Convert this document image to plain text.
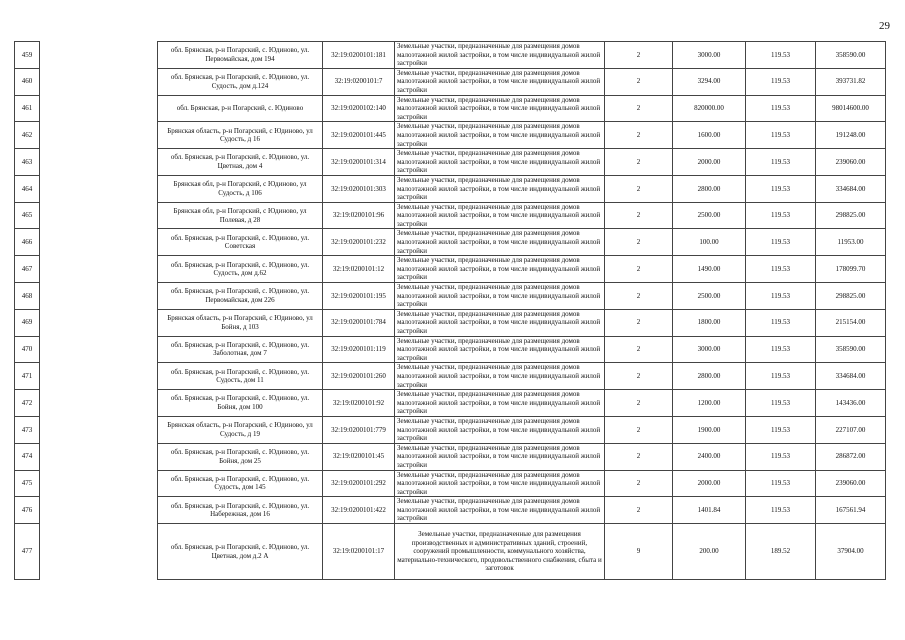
29
459		обл. Брянская, р-н Погарский, с. Юдиново, ул. Первомайская, дом 194	32:19:0200101:181	Земельные участки, предназначенные для размещения домов малоэтажной жилой застройки, в том числе индивидуальной жилой застройки	2	3000.00	119.53	358590.00
460		обл. Брянская, р-н Погарский, с. Юдиново, ул. Судость, дом д.124	32:19:0200101:7	Земельные участки, предназначенные для размещения домов малоэтажной жилой застройки, в том числе индивидуальной жилой застройки	2	3294.00	119.53	393731.82
461		обл. Брянская, р-н Погарский, с. Юдиново	32:19:0200102:140	Земельные участки, предназначенные для размещения домов малоэтажной жилой застройки, в том числе индивидуальной жилой застройки	2	820000.00	119.53	98014600.00
462		Брянская область, р-н Погарский, с Юдиново, ул Судость, д 16	32:19:0200101:445	Земельные участки, предназначенные для размещения домов малоэтажной жилой застройки, в том числе индивидуальной жилой застройки	2	1600.00	119.53	191248.00
463		обл. Брянская, р-н Погарский, с. Юдиново, ул. Цветная, дом 4	32:19:0200101:314	Земельные участки, предназначенные для размещения домов малоэтажной жилой застройки, в том числе индивидуальной жилой застройки	2	2000.00	119.53	239060.00
464		Брянская обл, р-н Погарский, с Юдиново, ул Судость, д 106	32:19:0200101:303	Земельные участки, предназначенные для размещения домов малоэтажной жилой застройки, в том числе индивидуальной жилой застройки	2	2800.00	119.53	334684.00
465		Брянская обл, р-н Погарский, с Юдиново, ул Полевая, д 28	32:19:0200101:96	Земельные участки, предназначенные для размещения домов малоэтажной жилой застройки, в том числе индивидуальной жилой застройки	2	2500.00	119.53	298825.00
466		обл. Брянская, р-н Погарский, с. Юдиново, ул. Советская	32:19:0200101:232	Земельные участки, предназначенные для размещения домов малоэтажной жилой застройки, в том числе индивидуальной жилой застройки	2	100.00	119.53	11953.00
467		обл. Брянская, р-н Погарский, с. Юдиново, ул. Судость, дом д.62	32:19:0200101:12	Земельные участки, предназначенные для размещения домов малоэтажной жилой застройки, в том числе индивидуальной жилой застройки	2	1490.00	119.53	178099.70
468		обл. Брянская, р-н Погарский, с. Юдиново, ул. Первомайская, дом 226	32:19:0200101:195	Земельные участки, предназначенные для размещения домов малоэтажной жилой застройки, в том числе индивидуальной жилой застройки	2	2500.00	119.53	298825.00
469		Брянская область, р-н Погарский, с Юдиново, ул Бойня, д 103	32:19:0200101:784	Земельные участки, предназначенные для размещения домов малоэтажной жилой застройки, в том числе индивидуальной жилой застройки	2	1800.00	119.53	215154.00
470		обл. Брянская, р-н Погарский, с. Юдиново, ул. Заболотная, дом 7	32:19:0200101:119	Земельные участки, предназначенные для размещения домов малоэтажной жилой застройки, в том числе индивидуальной жилой застройки	2	3000.00	119.53	358590.00
471		обл. Брянская, р-н Погарский, с. Юдиново, ул. Судость, дом 11	32:19:0200101:260	Земельные участки, предназначенные для размещения домов малоэтажной жилой застройки, в том числе индивидуальной жилой застройки	2	2800.00	119.53	334684.00
472		обл. Брянская, р-н Погарский, с. Юдиново, ул. Бойня, дом 100	32:19:0200101:92	Земельные участки, предназначенные для размещения домов малоэтажной жилой застройки, в том числе индивидуальной жилой застройки	2	1200.00	119.53	143436.00
473		Брянская область, р-н Погарский, с Юдиново, ул Судость, д 19	32:19:0200101:779	Земельные участки, предназначенные для размещения домов малоэтажной жилой застройки, в том числе индивидуальной жилой застройки	2	1900.00	119.53	227107.00
474		обл. Брянская, р-н Погарский, с. Юдиново, ул. Бойня, дом 25	32:19:0200101:45	Земельные участки, предназначенные для размещения домов малоэтажной жилой застройки, в том числе индивидуальной жилой застройки	2	2400.00	119.53	286872.00
475		обл. Брянская, р-н Погарский, с. Юдиново, ул. Судость, дом 145	32:19:0200101:292	Земельные участки, предназначенные для размещения домов малоэтажной жилой застройки, в том числе индивидуальной жилой застройки	2	2000.00	119.53	239060.00
476		обл. Брянская, р-н Погарский, с. Юдиново, ул. Набережная, дом 16	32:19:0200101:422	Земельные участки, предназначенные для размещения домов малоэтажной жилой застройки, в том числе индивидуальной жилой застройки	2	1401.84	119.53	167561.94
477		обл. Брянская, р-н Погарский, с. Юдиново, ул. Цветная, дом д.2 А	32:19:0200101:17	Земельные участки, предназначенные для размещения производственных и административных зданий, строений, сооружений промышленности, коммунального хозяйства, материально-технического, продовольственного снабжения, сбыта и заготовок	9	200.00	189.52	37904.00
